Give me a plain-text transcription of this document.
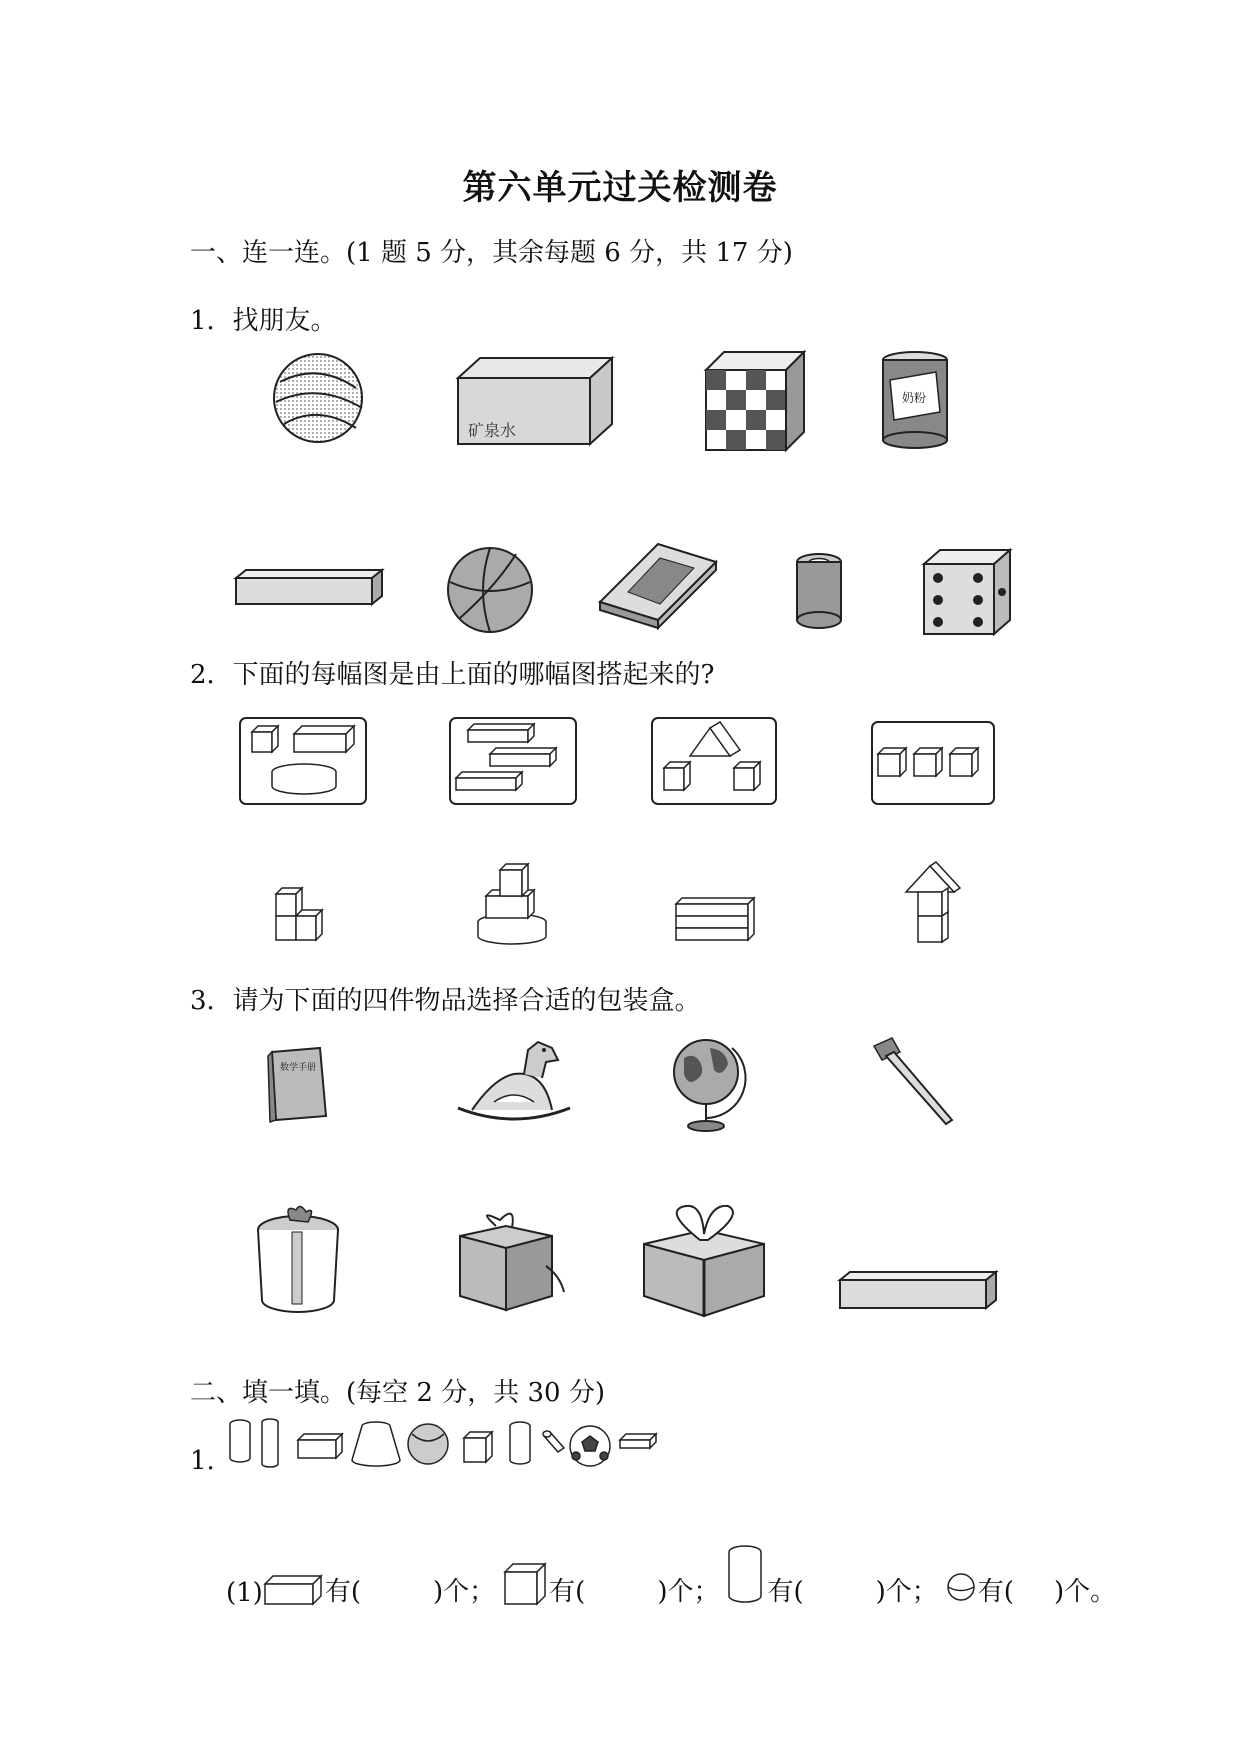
第六单元过关检测卷
一、连一连。(1 题 5 分，其余每题 6 分，共 17 分)
1．找朋友。
矿泉水
奶粉
2．下面的每幅图是由上面的哪幅图搭起来的?
3．请为下面的四件物品选择合适的包装盒。
数学手册
二、填一填。(每空 2 分，共 30 分)
1.
(1) 有(	)个； 有(	)个； 有(	)个； 有( )个。
